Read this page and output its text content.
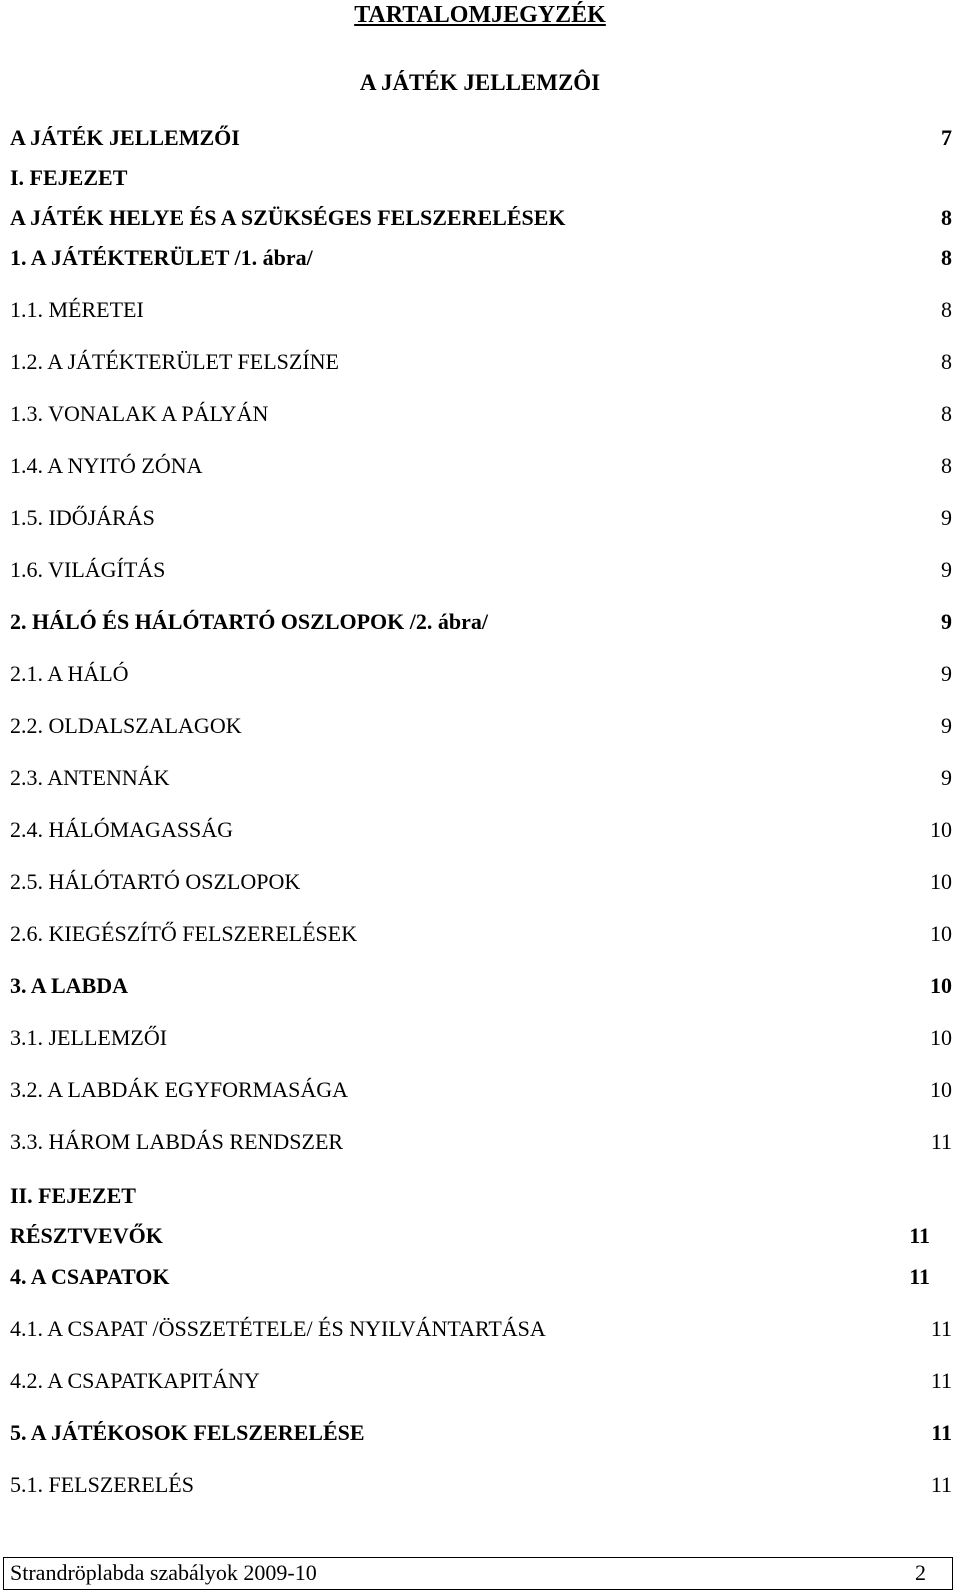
TARTALOMJEGYZÉK
A JÁTÉK JELLEMZÔI
A JÁTÉK JELLEMZŐI	7
I. FEJEZET
A JÁTÉK HELYE ÉS A SZÜKSÉGES FELSZERELÉSEK	8
1. A JÁTÉKTERÜLET /1. ábra/	8
1.1. MÉRETEI	8
1.2. A JÁTÉKTERÜLET FELSZÍNE	8
1.3. VONALAK A PÁLYÁN	8
1.4. A NYITÓ ZÓNA	8
1.5. IDŐJÁRÁS	9
1.6. VILÁGÍTÁS	9
2. HÁLÓ ÉS HÁLÓTARTÓ OSZLOPOK /2. ábra/	9
2.1. A HÁLÓ	9
2.2. OLDALSZALAGOK	9
2.3. ANTENNÁK	9
2.4. HÁLÓMAGASSÁG	10
2.5. HÁLÓTARTÓ OSZLOPOK	10
2.6. KIEGÉSZÍTŐ FELSZERELÉSEK	10
3. A LABDA	10
3.1. JELLEMZŐI	10
3.2. A LABDÁK EGYFORMASÁGA	10
3.3. HÁROM LABDÁS RENDSZER	11
II. FEJEZET
RÉSZTVEVŐK	11
4. A CSAPATOK	11
4.1. A CSAPAT /ÖSSZETÉTELE/ ÉS NYILVÁNTARTÁSA	11
4.2. A CSAPATKAPITÁNY	11
5. A JÁTÉKOSOK FELSZERELÉSE	11
5.1. FELSZERELÉS	11
Strandröplabda szabályok 2009-10	2
